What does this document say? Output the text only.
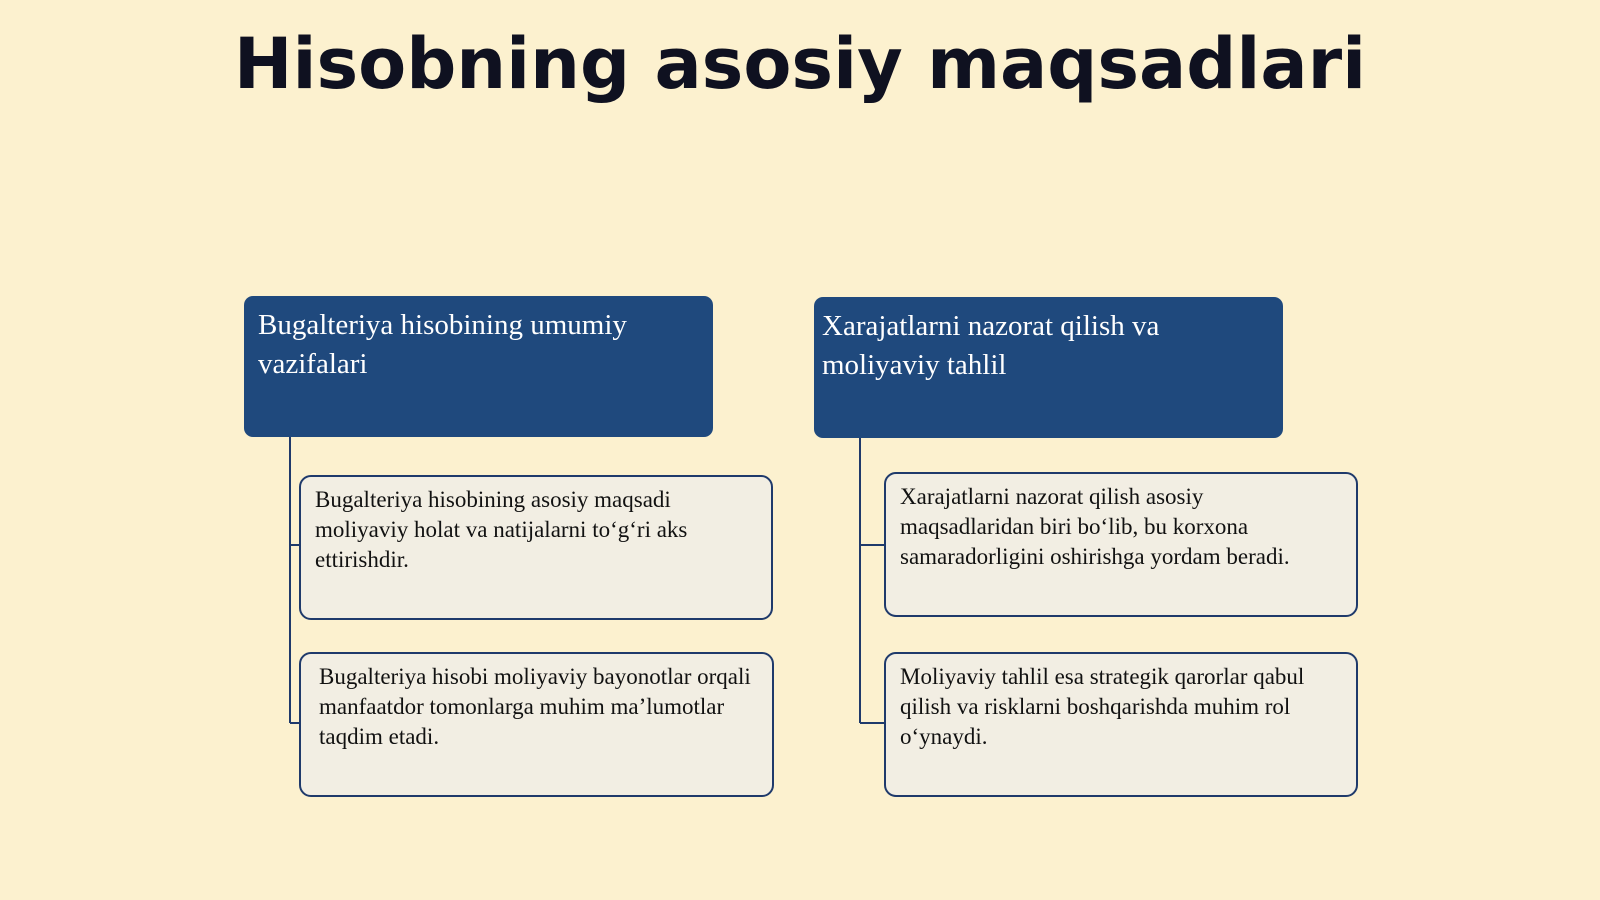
Hisobning asosiy maqsadlari
Bugalteriya hisobining umumiy vazifalari
Bugalteriya hisobining asosiy maqsadi moliyaviy holat va natijalarni to‘g‘ri aks ettirishdir.
Bugalteriya hisobi moliyaviy bayonotlar orqali manfaatdor tomonlarga muhim ma’lumotlar taqdim etadi.
Xarajatlarni nazorat qilish va moliyaviy tahlil
Xarajatlarni nazorat qilish asosiy maqsadlaridan biri bo‘lib, bu korxona samaradorligini oshirishga yordam beradi.
Moliyaviy tahlil esa strategik qarorlar qabul qilish va risklarni boshqarishda muhim rol o‘ynaydi.
